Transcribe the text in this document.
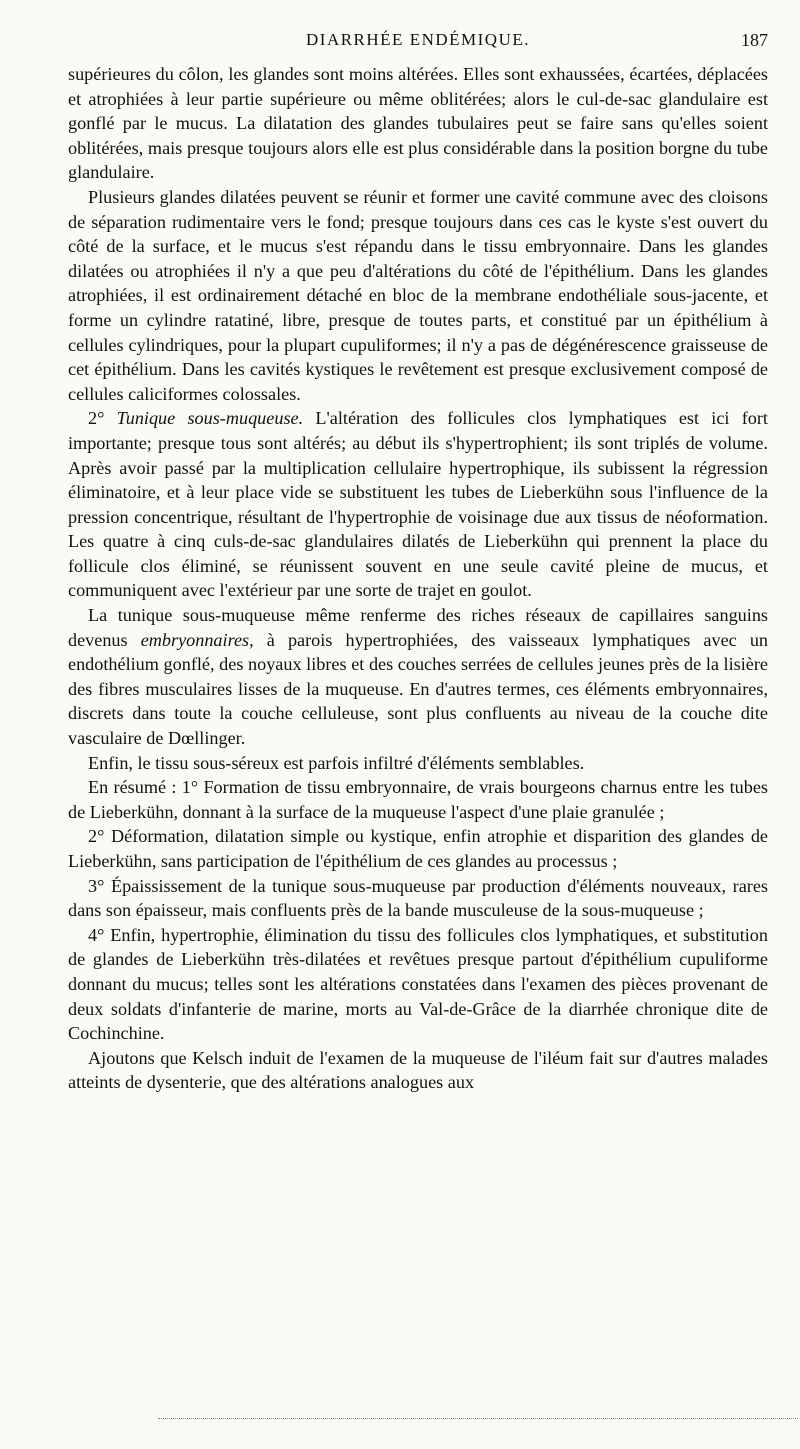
DIARRHÉE ENDÉMIQUE.	187

supérieures du côlon, les glandes sont moins altérées. Elles sont exhaussées, écartées, déplacées et atrophiées à leur partie supérieure ou même oblitérées; alors le cul-de-sac glandulaire est gonflé par le mucus. La dilatation des glandes tubulaires peut se faire sans qu'elles soient oblitérées, mais presque toujours alors elle est plus considérable dans la position borgne du tube glandulaire.

Plusieurs glandes dilatées peuvent se réunir et former une cavité commune avec des cloisons de séparation rudimentaire vers le fond; presque toujours dans ces cas le kyste s'est ouvert du côté de la surface, et le mucus s'est répandu dans le tissu embryonnaire. Dans les glandes dilatées ou atrophiées il n'y a que peu d'altérations du côté de l'épithélium. Dans les glandes atrophiées, il est ordinairement détaché en bloc de la membrane endothéliale sous-jacente, et forme un cylindre ratatiné, libre, presque de toutes parts, et constitué par un épithélium à cellules cylindriques, pour la plupart cupuliformes; il n'y a pas de dégénérescence graisseuse de cet épithélium. Dans les cavités kystiques le revêtement est presque exclusivement composé de cellules caliciformes colossales.

2° Tunique sous-muqueuse. L'altération des follicules clos lymphatiques est ici fort importante; presque tous sont altérés; au début ils s'hypertrophient; ils sont triplés de volume. Après avoir passé par la multiplication cellulaire hypertrophique, ils subissent la régression éliminatoire, et à leur place vide se substituent les tubes de Lieberkühn sous l'influence de la pression concentrique, résultant de l'hypertrophie de voisinage due aux tissus de néoformation. Les quatre à cinq culs-de-sac glandulaires dilatés de Lieberkühn qui prennent la place du follicule clos éliminé, se réunissent souvent en une seule cavité pleine de mucus, et communiquent avec l'extérieur par une sorte de trajet en goulot.

La tunique sous-muqueuse même renferme des riches réseaux de capillaires sanguins devenus embryonnaires, à parois hypertrophiées, des vaisseaux lymphatiques avec un endothélium gonflé, des noyaux libres et des couches serrées de cellules jeunes près de la lisière des fibres musculaires lisses de la muqueuse. En d'autres termes, ces éléments embryonnaires, discrets dans toute la couche celluleuse, sont plus confluents au niveau de la couche dite vasculaire de Dœllinger.

Enfin, le tissu sous-séreux est parfois infiltré d'éléments semblables.

En résumé : 1° Formation de tissu embryonnaire, de vrais bourgeons charnus entre les tubes de Lieberkühn, donnant à la surface de la muqueuse l'aspect d'une plaie granulée ;

2° Déformation, dilatation simple ou kystique, enfin atrophie et disparition des glandes de Lieberkühn, sans participation de l'épithélium de ces glandes au processus ;

3° Épaississement de la tunique sous-muqueuse par production d'éléments nouveaux, rares dans son épaisseur, mais confluents près de la bande musculeuse de la sous-muqueuse ;

4° Enfin, hypertrophie, élimination du tissu des follicules clos lymphatiques, et substitution de glandes de Lieberkühn très-dilatées et revêtues presque partout d'épithélium cupuliforme donnant du mucus; telles sont les altérations constatées dans l'examen des pièces provenant de deux soldats d'infanterie de marine, morts au Val-de-Grâce de la diarrhée chronique dite de Cochinchine.

Ajoutons que Kelsch induit de l'examen de la muqueuse de l'iléum fait sur d'autres malades atteints de dysenterie, que des altérations analogues aux
